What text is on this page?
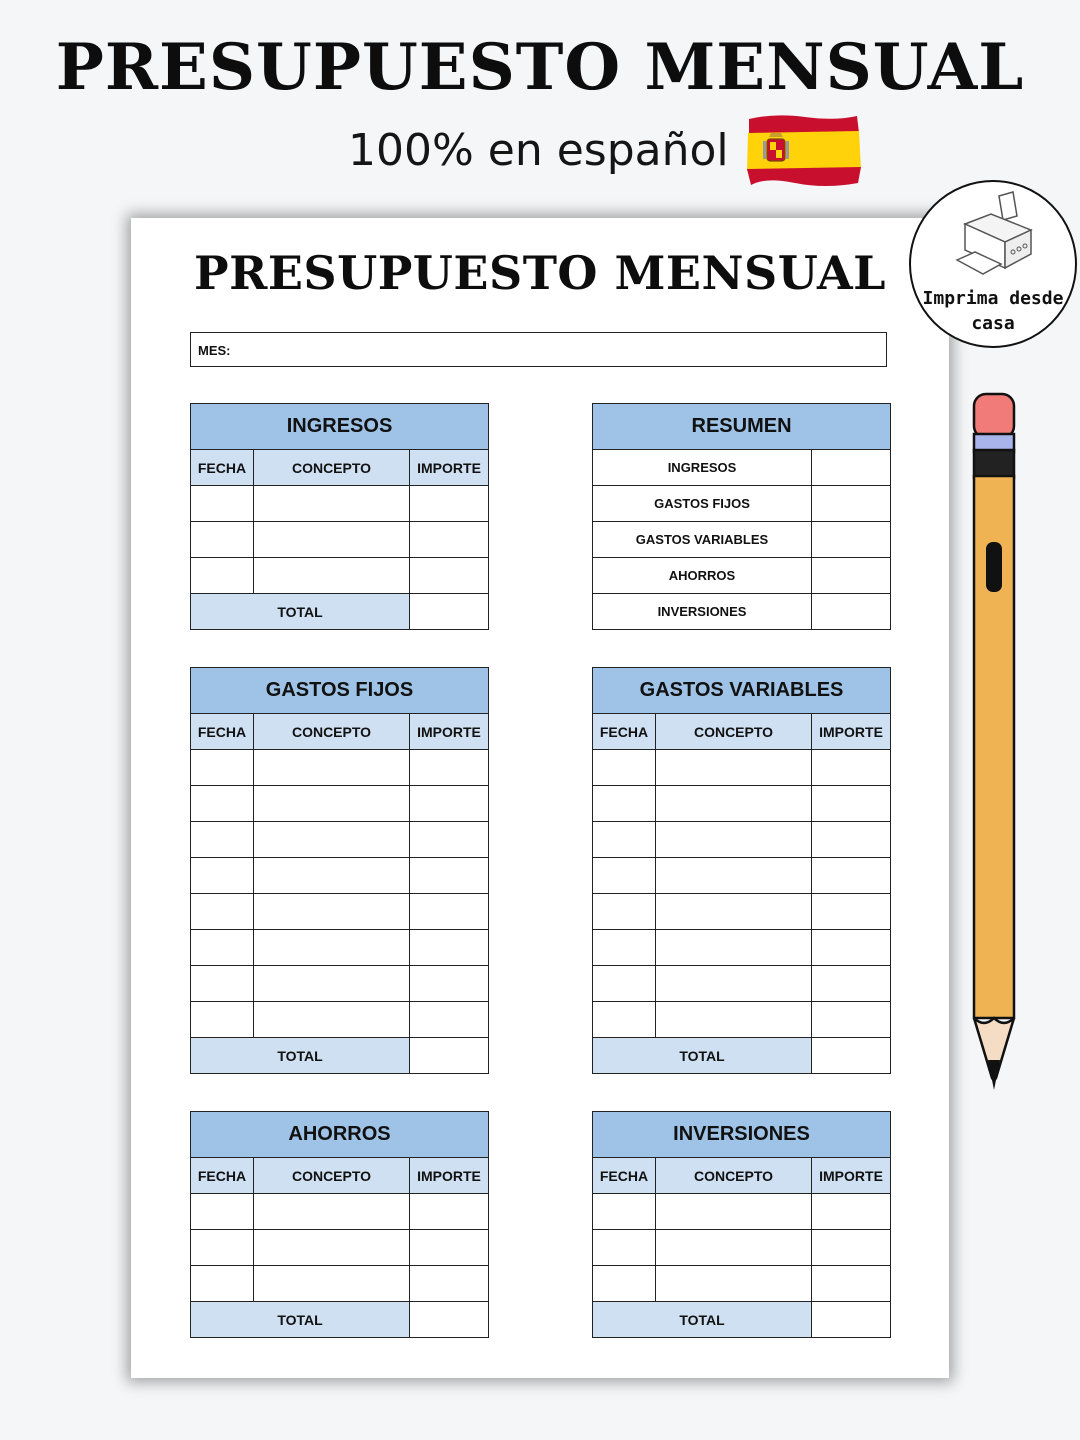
PRESUPUESTO MENSUAL
100% en español
PRESUPUESTO MENSUAL
MES:
INGRESOS		
FECHA	CONCEPTO	IMPORTE

TOTAL		
RESUMEN	
INGRESOS	
GASTOS FIJOS	
GASTOS VARIABLES	
AHORROS	
INVERSIONES	
GASTOS FIJOS		
FECHA	CONCEPTO	IMPORTE

TOTAL		
GASTOS VARIABLES		
FECHA	CONCEPTO	IMPORTE

TOTAL		
AHORROS		
FECHA	CONCEPTO	IMPORTE

TOTAL		
INVERSIONES		
FECHA	CONCEPTO	IMPORTE

TOTAL		
Imprima desde
casa
